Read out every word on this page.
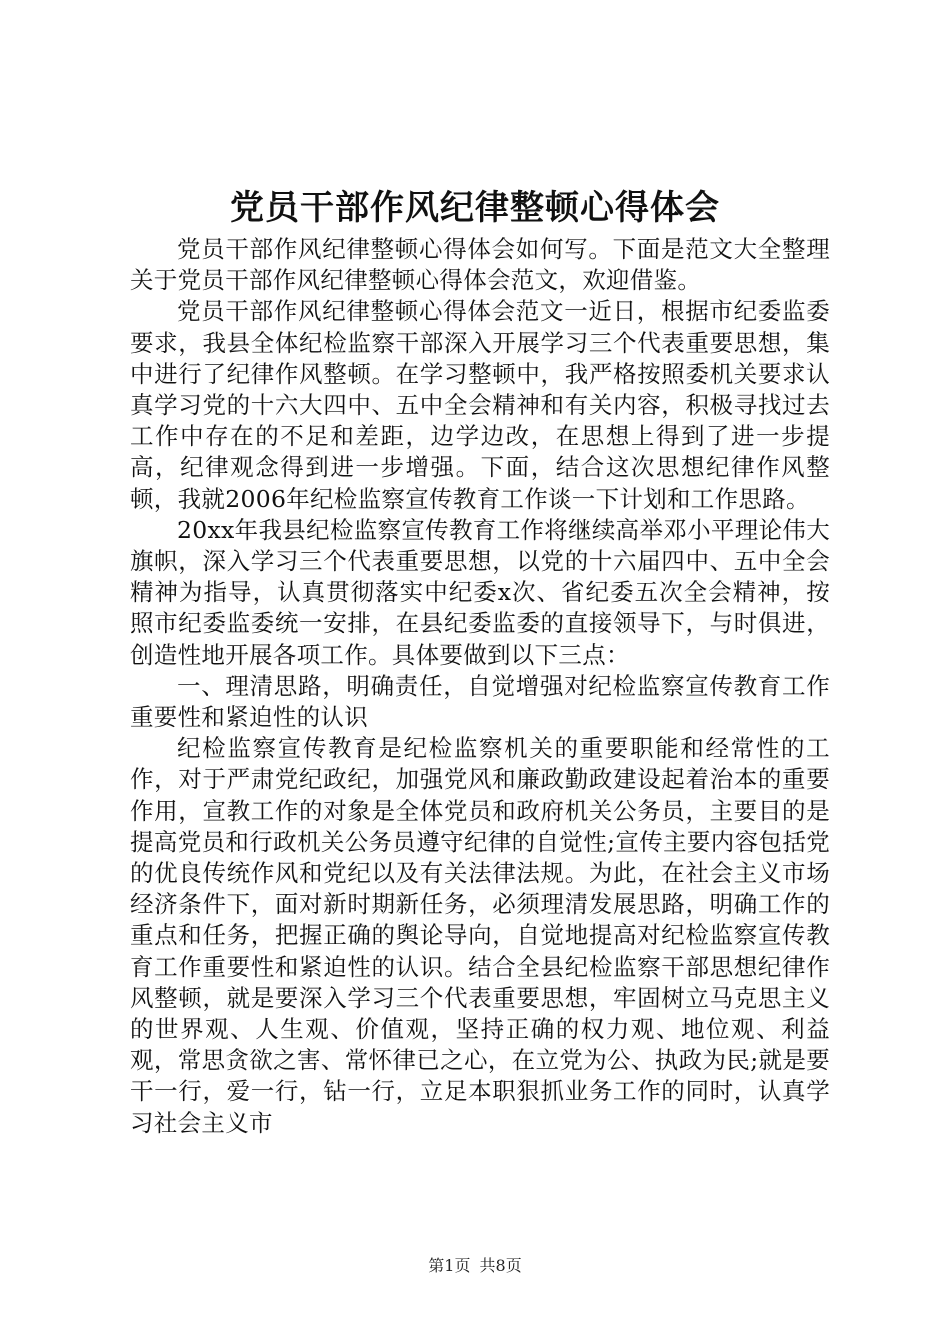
党员干部作风纪律整顿心得体会

党员干部作风纪律整顿心得体会如何写。下面是范文大全整理关于党员干部作风纪律整顿心得体会范文，欢迎借鉴。

党员干部作风纪律整顿心得体会范文一近日，根据市纪委监委要求，我县全体纪检监察干部深入开展学习三个代表重要思想，集中进行了纪律作风整顿。在学习整顿中，我严格按照委机关要求认真学习党的十六大四中、五中全会精神和有关内容，积极寻找过去工作中存在的不足和差距，边学边改，在思想上得到了进一步提高，纪律观念得到进一步增强。下面，结合这次思想纪律作风整顿，我就2006年纪检监察宣传教育工作谈一下计划和工作思路。

20xx年我县纪检监察宣传教育工作将继续高举邓小平理论伟大旗帜，深入学习三个代表重要思想，以党的十六届四中、五中全会精神为指导，认真贯彻落实中纪委x次、省纪委五次全会精神，按照市纪委监委统一安排，在县纪委监委的直接领导下，与时俱进，创造性地开展各项工作。具体要做到以下三点：

一、理清思路，明确责任，自觉增强对纪检监察宣传教育工作重要性和紧迫性的认识

纪检监察宣传教育是纪检监察机关的重要职能和经常性的工作，对于严肃党纪政纪，加强党风和廉政勤政建设起着治本的重要作用，宣教工作的对象是全体党员和政府机关公务员，主要目的是提高党员和行政机关公务员遵守纪律的自觉性;宣传主要内容包括党的优良传统作风和党纪以及有关法律法规。为此，在社会主义市场经济条件下，面对新时期新任务，必须理清发展思路，明确工作的重点和任务，把握正确的舆论导向，自觉地提高对纪检监察宣传教育工作重要性和紧迫性的认识。结合全县纪检监察干部思想纪律作风整顿，就是要深入学习三个代表重要思想，牢固树立马克思主义的世界观、人生观、价值观，坚持正确的权力观、地位观、利益观，常思贪欲之害、常怀律已之心，在立党为公、执政为民;就是要干一行，爱一行，钻一行，立足本职狠抓业务工作的同时，认真学习社会主义市

第1页 共8页
